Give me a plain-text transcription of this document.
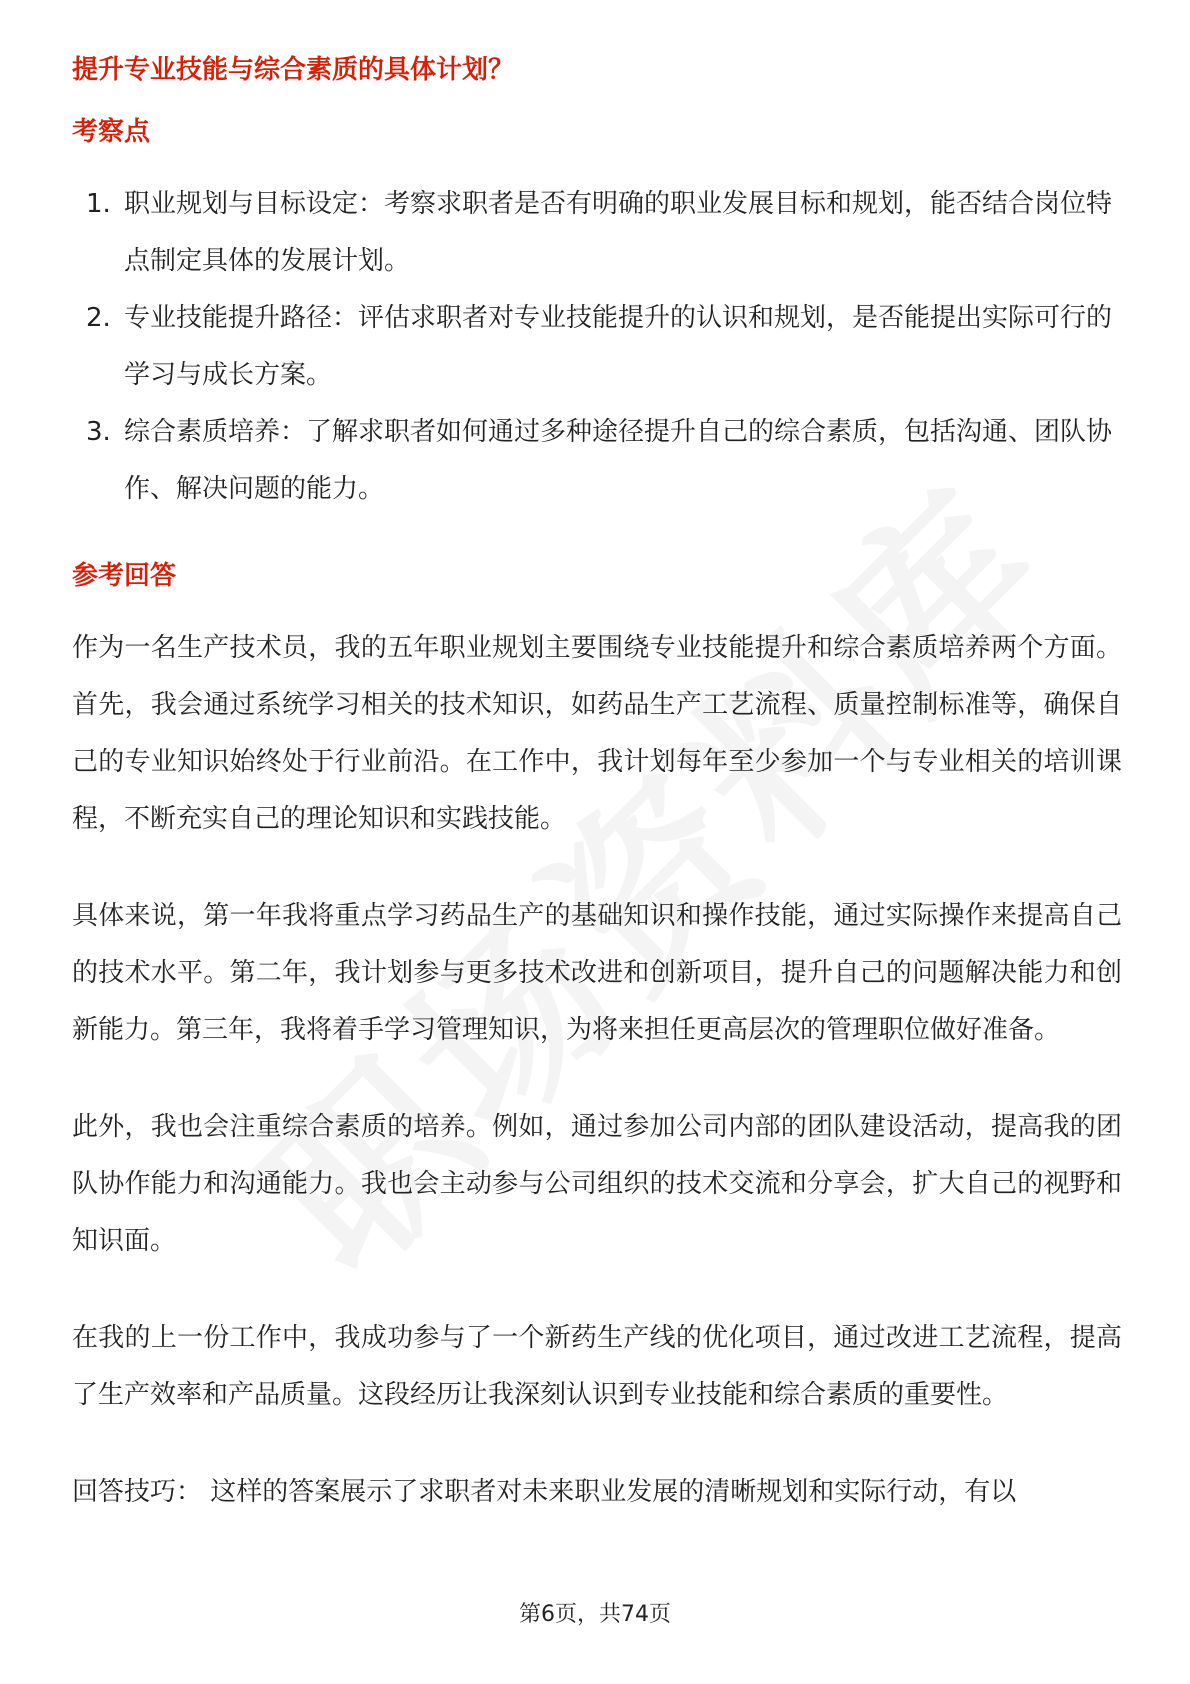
提升专业技能与综合素质的具体计划？
考察点
1. 职业规划与目标设定：考察求职者是否有明确的职业发展目标和规划，能否结合岗位特点制定具体的发展计划。
2. 专业技能提升路径：评估求职者对专业技能提升的认识和规划，是否能提出实际可行的学习与成长方案。
3. 综合素质培养：了解求职者如何通过多种途径提升自己的综合素质，包括沟通、团队协作、解决问题的能力。
参考回答

作为一名生产技术员，我的五年职业规划主要围绕专业技能提升和综合素质培养两个方面。首先，我会通过系统学习相关的技术知识，如药品生产工艺流程、质量控制标准等，确保自己的专业知识始终处于行业前沿。在工作中，我计划每年至少参加一个与专业相关的培训课程，不断充实自己的理论知识和实践技能。

具体来说，第一年我将重点学习药品生产的基础知识和操作技能，通过实际操作来提高自己的技术水平。第二年，我计划参与更多技术改进和创新项目，提升自己的问题解决能力和创新能力。第三年，我将着手学习管理知识，为将来担任更高层次的管理职位做好准备。

此外，我也会注重综合素质的培养。例如，通过参加公司内部的团队建设活动，提高我的团队协作能力和沟通能力。我也会主动参与公司组织的技术交流和分享会，扩大自己的视野和知识面。

在我的上一份工作中，我成功参与了一个新药生产线的优化项目，通过改进工艺流程，提高了生产效率和产品质量。这段经历让我深刻认识到专业技能和综合素质的重要性。

回答技巧： 这样的答案展示了求职者对未来职业发展的清晰规划和实际行动，有以

第6页，共74页
